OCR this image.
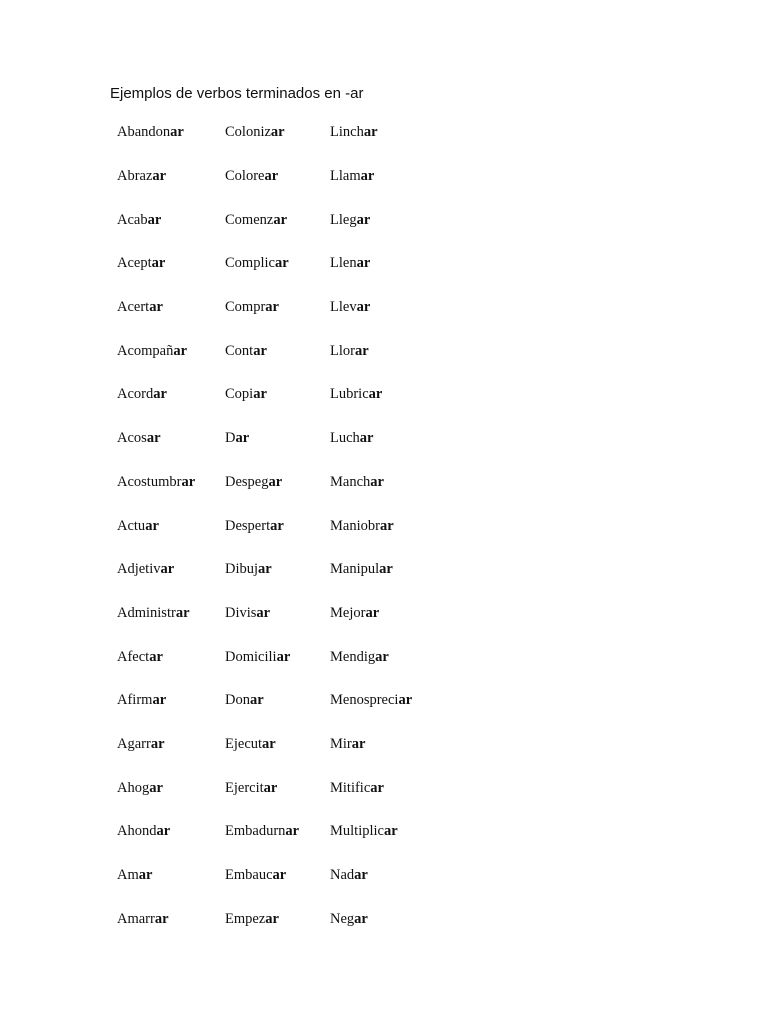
Ejemplos de verbos terminados en -ar
Abandonar	Colonizar	Linchar
Abrazar	Colorear	Llamar
Acabar	Comenzar	Llegar
Aceptar	Complicar	Llenar
Acertar	Comprar	Llevar
Acompañar	Contar	Llorar
Acordar	Copiar	Lubricar
Acosar	Dar	Luchar
Acostumbrar	Despegar	Manchar
Actuar	Despertar	Maniobrar
Adjetivar	Dibujar	Manipular
Administrar	Divisar	Mejorar
Afectar	Domiciliar	Mendigar
Afirmar	Donar	Menospreciar
Agarrar	Ejecutar	Mirar
Ahogar	Ejercitar	Mitificar
Ahondar	Embadurnar	Multiplicar
Amar	Embaucar	Nadar
Amarrar	Empezar	Negar
